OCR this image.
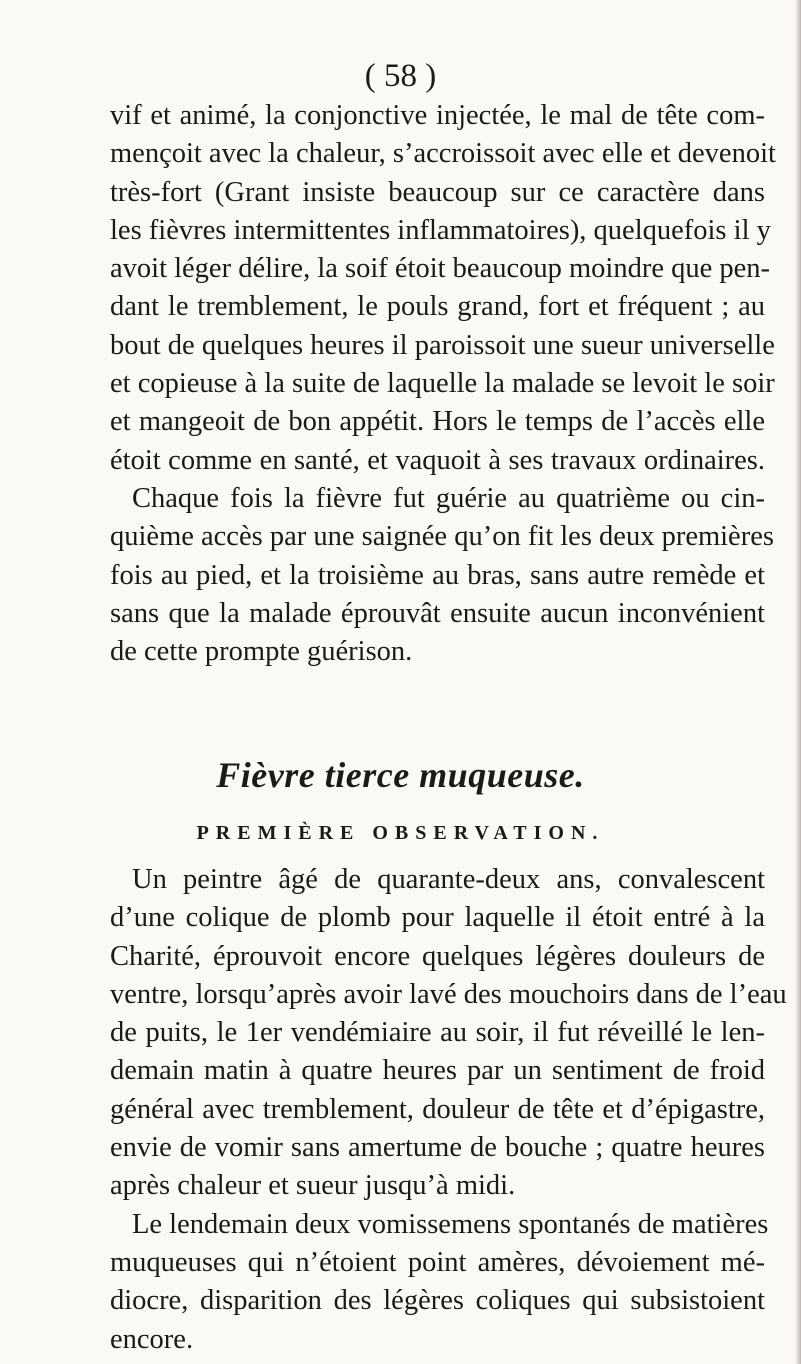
( 58 )
vif et animé, la conjonctive injectée, le mal de tête com-
mençoit avec la chaleur, s’accroissoit avec elle et devenoit
très-fort (Grant insiste beaucoup sur ce caractère dans
les fièvres intermittentes inflammatoires), quelquefois il y
avoit léger délire, la soif étoit beaucoup moindre que pen-
dant le tremblement, le pouls grand, fort et fréquent ; au
bout de quelques heures il paroissoit une sueur universelle
et copieuse à la suite de laquelle la malade se levoit le soir
et mangeoit de bon appétit. Hors le temps de l’accès elle
étoit comme en santé, et vaquoit à ses travaux ordinaires.
Chaque fois la fièvre fut guérie au quatrième ou cin-
quième accès par une saignée qu’on fit les deux premières
fois au pied, et la troisième au bras, sans autre remède et
sans que la malade éprouvât ensuite aucun inconvénient
de cette prompte guérison.
Fièvre tierce muqueuse.
PREMIÈRE OBSERVATION.
Un peintre âgé de quarante-deux ans, convalescent
d’une colique de plomb pour laquelle il étoit entré à la
Charité, éprouvoit encore quelques légères douleurs de
ventre, lorsqu’après avoir lavé des mouchoirs dans de l’eau
de puits, le 1er vendémiaire au soir, il fut réveillé le len-
demain matin à quatre heures par un sentiment de froid
général avec tremblement, douleur de tête et d’épigastre,
envie de vomir sans amertume de bouche ; quatre heures
après chaleur et sueur jusqu’à midi.
Le lendemain deux vomissemens spontanés de matières
muqueuses qui n’étoient point amères, dévoiement mé-
diocre, disparition des légères coliques qui subsistoient
encore.
